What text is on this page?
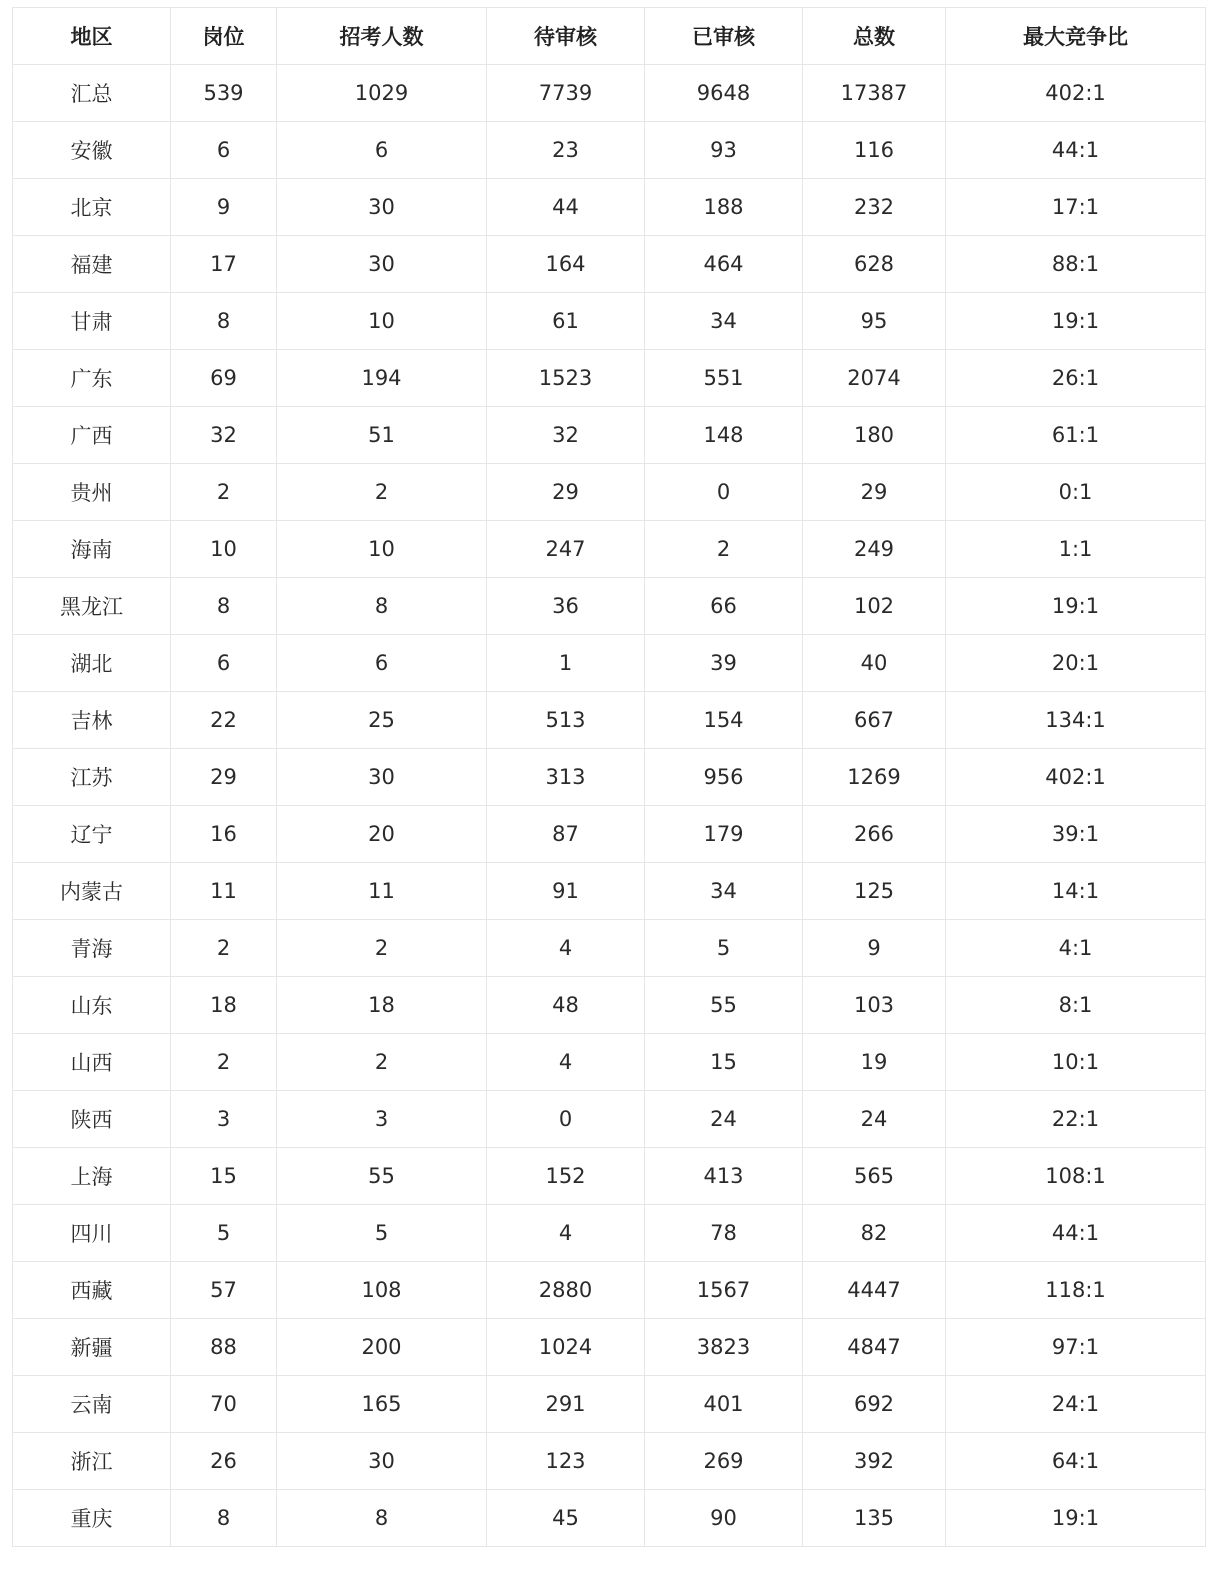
地区	岗位	招考人数	待审核	已审核	总数	最大竞争比
汇总	539	1029	7739	9648	17387	402:1
安徽	6	6	23	93	116	44:1
北京	9	30	44	188	232	17:1
福建	17	30	164	464	628	88:1
甘肃	8	10	61	34	95	19:1
广东	69	194	1523	551	2074	26:1
广西	32	51	32	148	180	61:1
贵州	2	2	29	0	29	0:1
海南	10	10	247	2	249	1:1
黑龙江	8	8	36	66	102	19:1
湖北	6	6	1	39	40	20:1
吉林	22	25	513	154	667	134:1
江苏	29	30	313	956	1269	402:1
辽宁	16	20	87	179	266	39:1
内蒙古	11	11	91	34	125	14:1
青海	2	2	4	5	9	4:1
山东	18	18	48	55	103	8:1
山西	2	2	4	15	19	10:1
陕西	3	3	0	24	24	22:1
上海	15	55	152	413	565	108:1
四川	5	5	4	78	82	44:1
西藏	57	108	2880	1567	4447	118:1
新疆	88	200	1024	3823	4847	97:1
云南	70	165	291	401	692	24:1
浙江	26	30	123	269	392	64:1
重庆	8	8	45	90	135	19:1
